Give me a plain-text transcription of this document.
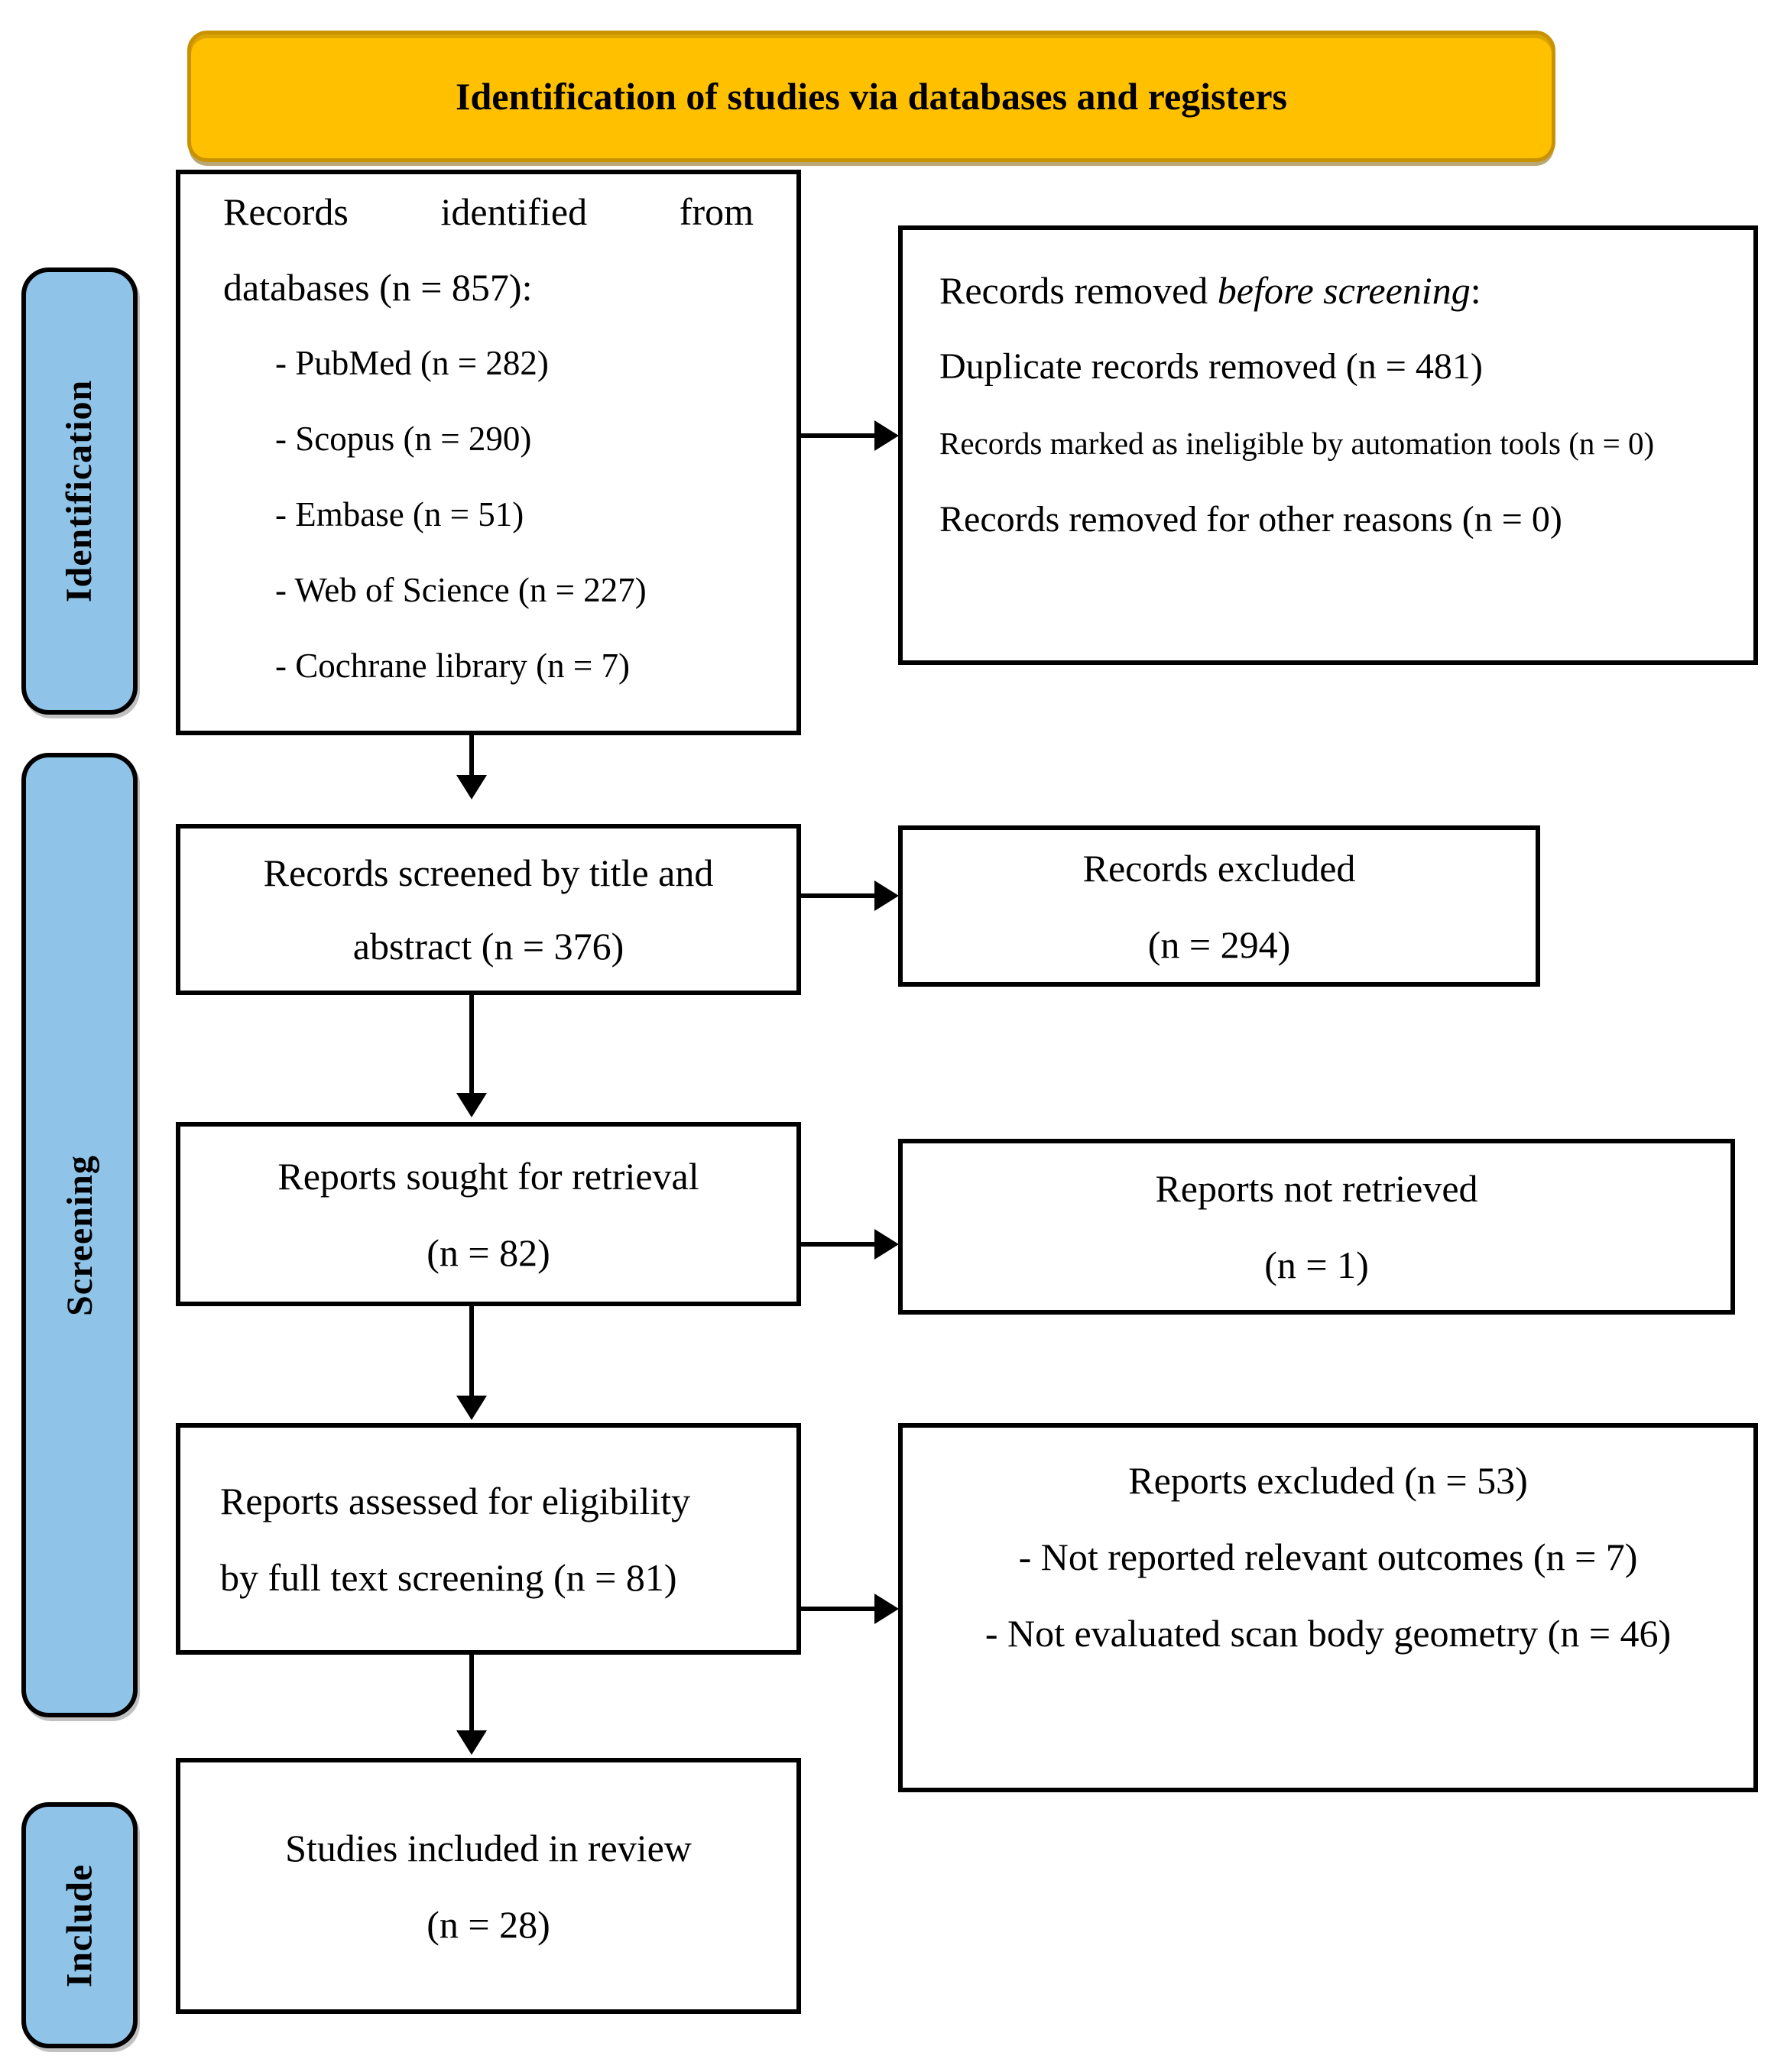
Identification of studies via databases and registers
Identification
Screening
Include
Records identified from
databases (n = 857):
- PubMed (n = 282)
- Scopus (n = 290)
- Embase (n = 51)
- Web of Science (n = 227)
- Cochrane library (n = 7)
Records removed before screening:
Duplicate records removed (n = 481)
Records marked as ineligible by automation tools (n = 0)
Records removed for other reasons (n = 0)
Records screened by title and
abstract (n = 376)
Records excluded
(n = 294)
Reports sought for retrieval
(n = 82)
Reports not retrieved
(n = 1)
Reports assessed for eligibility
by full text screening (n = 81)
Reports excluded (n = 53)
- Not reported relevant outcomes (n = 7)
- Not evaluated scan body geometry (n = 46)
Studies included in review
(n = 28)
